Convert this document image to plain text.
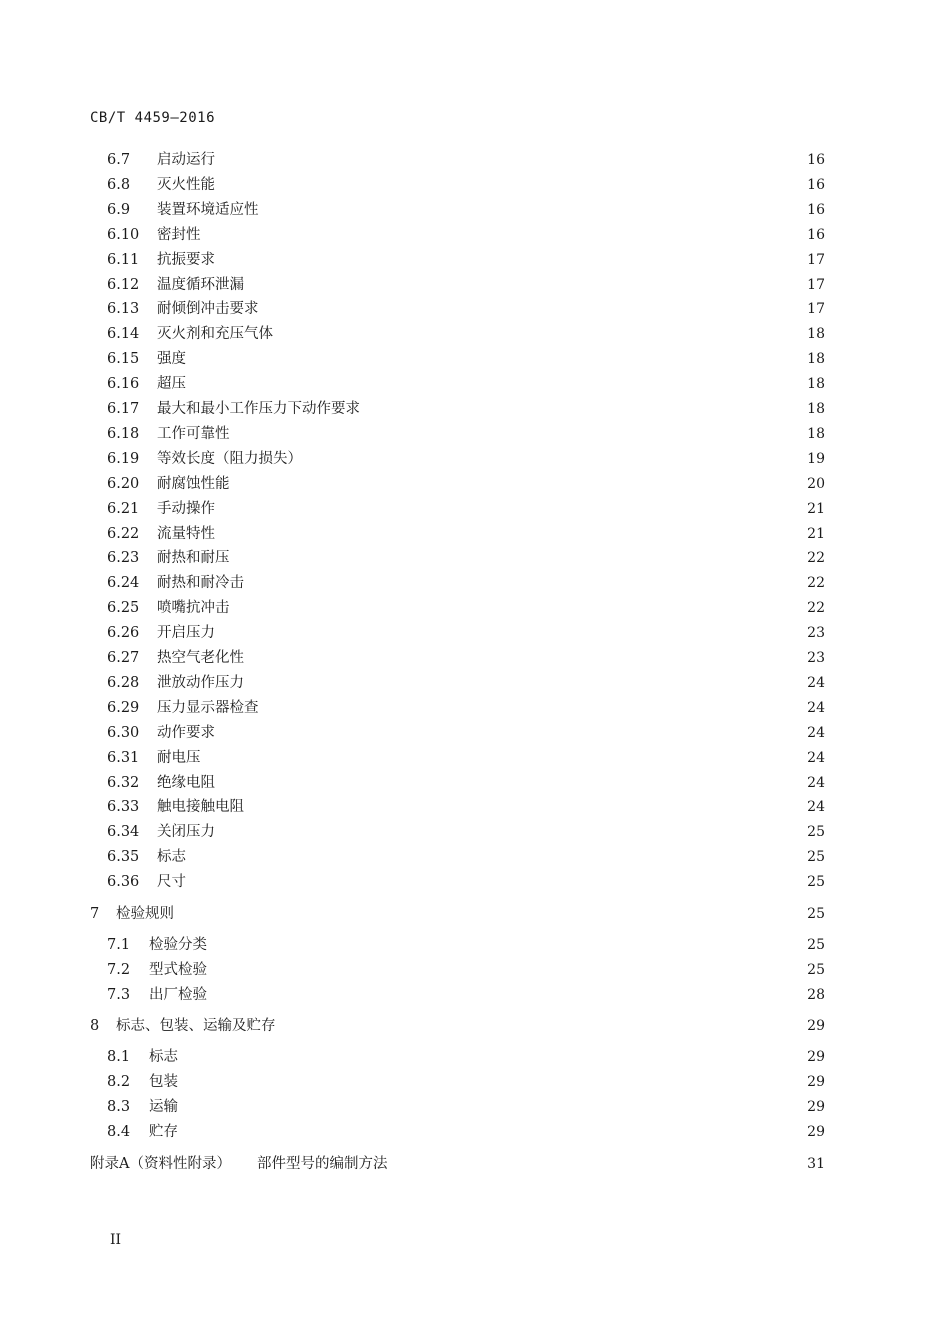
CB/T 4459—2016
6.7	启动运行	16
6.8	灭火性能	16
6.9	装置环境适应性	16
6.10	密封性	16
6.11	抗振要求	17
6.12	温度循环泄漏	17
6.13	耐倾倒冲击要求	17
6.14	灭火剂和充压气体	18
6.15	强度	18
6.16	超压	18
6.17	最大和最小工作压力下动作要求	18
6.18	工作可靠性	18
6.19	等效长度（阻力损失）	19
6.20	耐腐蚀性能	20
6.21	手动操作	21
6.22	流量特性	21
6.23	耐热和耐压	22
6.24	耐热和耐冷击	22
6.25	喷嘴抗冲击	22
6.26	开启压力	23
6.27	热空气老化性	23
6.28	泄放动作压力	24
6.29	压力显示器检查	24
6.30	动作要求	24
6.31	耐电压	24
6.32	绝缘电阻	24
6.33	触电接触电阻	24
6.34	关闭压力	25
6.35	标志	25
6.36	尺寸	25
7	检验规则	25
7.1	检验分类	25
7.2	型式检验	25
7.3	出厂检验	28
8	标志、包装、运输及贮存	29
8.1	标志	29
8.2	包装	29
8.3	运输	29
8.4	贮存	29
附录A（资料性附录） 部件型号的编制方法	31
II
